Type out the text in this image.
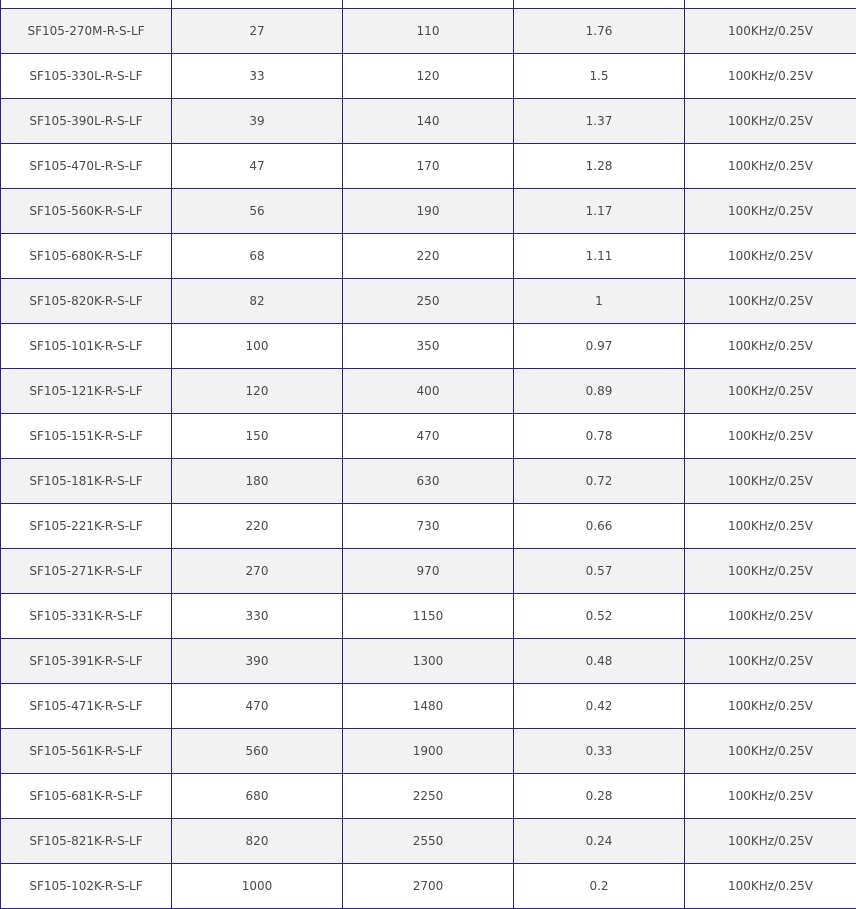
SF105-270M-R-S-LF	27	110	1.76	100KHz/0.25V
SF105-330L-R-S-LF	33	120	1.5	100KHz/0.25V
SF105-390L-R-S-LF	39	140	1.37	100KHz/0.25V
SF105-470L-R-S-LF	47	170	1.28	100KHz/0.25V
SF105-560K-R-S-LF	56	190	1.17	100KHz/0.25V
SF105-680K-R-S-LF	68	220	1.11	100KHz/0.25V
SF105-820K-R-S-LF	82	250	1	100KHz/0.25V
SF105-101K-R-S-LF	100	350	0.97	100KHz/0.25V
SF105-121K-R-S-LF	120	400	0.89	100KHz/0.25V
SF105-151K-R-S-LF	150	470	0.78	100KHz/0.25V
SF105-181K-R-S-LF	180	630	0.72	100KHz/0.25V
SF105-221K-R-S-LF	220	730	0.66	100KHz/0.25V
SF105-271K-R-S-LF	270	970	0.57	100KHz/0.25V
SF105-331K-R-S-LF	330	1150	0.52	100KHz/0.25V
SF105-391K-R-S-LF	390	1300	0.48	100KHz/0.25V
SF105-471K-R-S-LF	470	1480	0.42	100KHz/0.25V
SF105-561K-R-S-LF	560	1900	0.33	100KHz/0.25V
SF105-681K-R-S-LF	680	2250	0.28	100KHz/0.25V
SF105-821K-R-S-LF	820	2550	0.24	100KHz/0.25V
SF105-102K-R-S-LF	1000	2700	0.2	100KHz/0.25V
